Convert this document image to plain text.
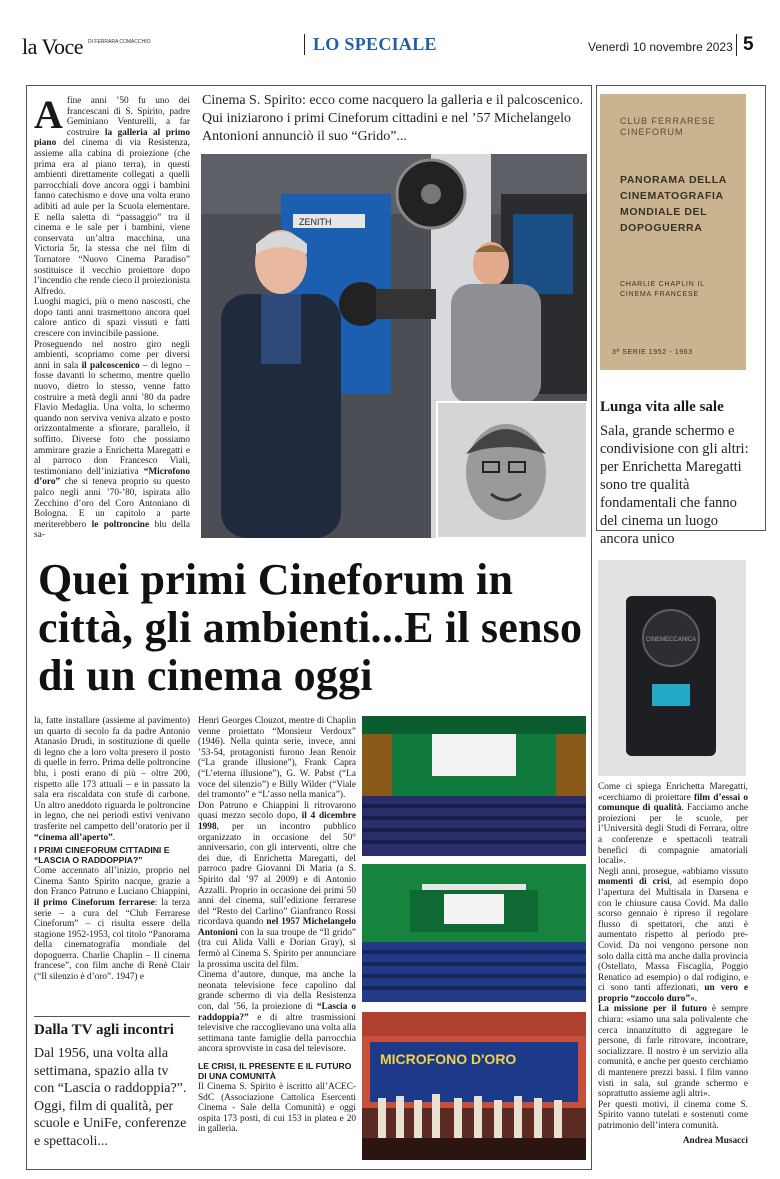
la Voce DI FERRARA COMACCHIO	LO SPECIALE	Venerdì 10 novembre 2023 5

Afine anni ’50 fu uno dei francescani di S. Spirito, padre Geminiano Venturelli, a far costruire la galleria al primo piano del cinema di via Resistenza, assieme alla cabina di proiezione (che prima era al piano terra), in questi ambienti direttamente collegati a quelli parrocchiali dove ancora oggi i bambini fanno catechismo e dove una volta erano adibiti ad aule per la Scuola elementare. E nella saletta di “passaggio” tra il cinema e le sale per i bambini, viene conservata un’altra macchina, una Victoria 5r, la stessa che nel film di Tornatore “Nuovo Cinema Paradiso” sostituisce il vecchio proiettore dopo l’incendio che rende cieco il proiezionista Alfredo.

Luoghi magici, più o meno nascosti, che dopo tanti anni trasmettono ancora quel calore antico di spazi vissuti e fatti crescere con invincibile passione.

Proseguendo nel nostro giro negli ambienti, scopriamo come per diversi anni in sala il palcoscenico – di legno – fosse davanti lo schermo, mentre quello nuovo, dietro lo stesso, venne fatto costruire a metà degli anni ’80 da padre Flavio Medaglia. Una volta, lo schermo quando non serviva veniva alzato e posto orizzontalmente a sfiorare, parallelo, il soffitto. Diverse foto che possiamo ammirare grazie a Enrichetta Maregatti e al parroco don Francesco Viali, testimoniano dell’iniziativa “Microfono d’oro” che si teneva proprio su questo palco negli anni ’70-’80, ispirata allo Zecchino d’oro del Coro Antoniano di Bologna. E un capitolo a parte meriterebbero le poltroncine blu della sa-

Cinema S. Spirito: ecco come nacquero la galleria e il palcoscenico. Qui iniziarono i primi Cineforum cittadini e nel ’57 Michelangelo Antonioni annunciò il suo “Grido”...
ZENITH
CLUB FERRARESE CINEFORUM
PANORAMA DELLA CINEMATOGRAFIA MONDIALE DEL DOPOGUERRA
CHARLIE CHAPLIN IL CINEMA FRANCESE
3ª SERIE 1952 - 1963
Lunga vita alle sale
Sala, grande schermo e condivisione con gli altri: per Enrichetta Maregatti sono tre qualità fondamentali che fanno del cinema un luogo ancora unico
Quei primi Cineforum in città, gli ambienti...E il senso di un cinema oggi
CINEMECCANICA

la, fatte installare (assieme al pavimento) un quarto di secolo fa da padre Antonio Atanasio Drudi, in sostituzione di quelle di legno che a loro volta presero il posto di quelle in ferro. Prima delle poltroncine blu, i posti erano di più – oltre 200, rispetto alle 173 attuali – e in passato la sala era riscaldata con stufe di carbone. Un altro aneddoto riguarda le poltroncine in legno, che nei periodi estivi venivano trasferite nel campetto dell’oratorio per il “cinema all’aperto”.

I PRIMI CINEFORUM CITTADINI E “LASCIA O RADDOPPIA?”

Come accennato all’inizio, proprio nel Cinema Santo Spirito nacque, grazie a don Franco Patruno e Luciano Chiappini, il primo Cineforum ferrarese: la terza serie – a cura del “Club Ferrarese Cineforum” – ci risulta essere della stagione 1952-1953, col titolo “Panorama della cinematografia mondiale del dopoguerra. Charlie Chaplin – Il cinema francese”, con film anche di Renè Clair (“Il silenzio è d’oro”. 1947) e

Dalla TV agli incontri
Dal 1956, una volta alla settimana, spazio alla tv con “Lascia o raddoppia?”. Oggi, film di qualità, per scuole e UniFe, conferenze e spettacoli...

Henri Georges Clouzot, mentre di Chaplin venne proiettato “Monsieur Verdoux” (1946). Nella quinta serie, invece, anni ’53-54, protagonisti furono Jean Renoir (“La grande illusione”), Frank Capra (“L’eterna illusione”), G. W. Pabst (“La voce del silenzio”) e Billy Wilder (“Viale del tramonto” e “L’asso nella manica”).

Don Patruno e Chiappini li ritrovarono quasi mezzo secolo dopo, il 4 dicembre 1998, per un incontro pubblico organizzato in occasione del 50° anniversario, con gli interventi, oltre che dei due, di Enrichetta Maregatti, del parroco padre Giovanni Di Maria (a S. Spirito dal ’97 al 2009) e di Antonio Azzalli. Proprio in occasione dei primi 50 anni del cinema, sull’edizione ferrarese del “Resto del Carlino” Gianfranco Rossi ricordava quando nel 1957 Michelangelo Antonioni con la sua troupe de “Il grido” (tra cui Alida Valli e Dorian Gray), si fermò al Cinema S. Spirito per annunciare la prossima uscita del film.

Cinema d’autore, dunque, ma anche la neonata televisione fece capolino dal grande schermo di via della Resistenza con, dal ’56, la proiezione di “Lascia o raddoppia?” e di altre trasmissioni televisive che raccoglievano una volta alla settimana tante famiglie della parrocchia ancora sprovviste in casa del televisore.

LE CRISI, IL PRESENTE E IL FUTURO DI UNA COMUNITÀ

Il Cinema S. Spirito è iscritto all’ACEC-SdC (Associazione Cattolica Esercenti Cinema - Sale della Comunità) e oggi ospita 173 posti, di cui 153 in platea e 20 in galleria.

MICROFONO D'ORO

Come ci spiega Enrichetta Maregatti, «cerchiamo di proiettare film d’essai o comunque di qualità. Facciamo anche proiezioni per le scuole, per l’Università degli Studi di Ferrara, oltre a conferenze e spettacoli teatrali benefici di compagnie amatoriali locali».

Negli anni, prosegue, «abbiamo vissuto momenti di crisi, ad esempio dopo l’apertura del Multisala in Darsena e con le chiusure causa Covid. Ma dallo scorso gennaio è ripreso il regolare flusso di spettatori, che anzi è aumentato rispetto al periodo pre-Covid. Da noi vengono persone non solo dalla città ma anche dalla provincia (Ostellato, Massa Fiscaglia, Poggio Renatico ad esempio) o dal rodigino, e ci sono tanti affezionati, un vero e proprio “zoccolo duro”».

La missione per il futuro è sempre chiara: «siamo una sala polivalente che cerca innanzitutto di aggregare le persone, di farle ritrovare, incontrare, socializzare. Il nostro è un servizio alla comunità, e anche per questo cerchiamo di mantenere prezzi bassi. I film vanno visti in sala, sul grande schermo e soprattutto assieme agli altri».

Per questi motivi, il cinema come S. Spirito vanno tutelati e sostenuti come patrimonio dell’intera comunità.

Andrea Musacci
